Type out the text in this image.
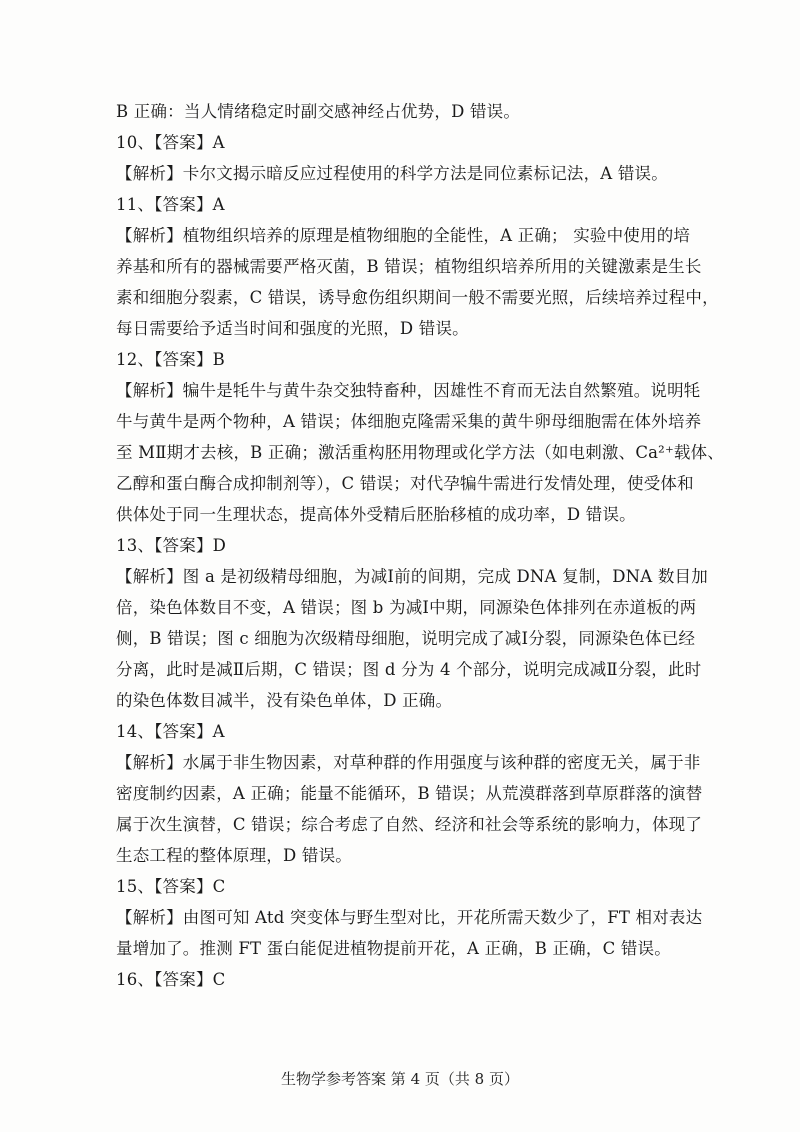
B 正确：当人情绪稳定时副交感神经占优势，D 错误。
10、【答案】A
【解析】卡尔文揭示暗反应过程使用的科学方法是同位素标记法，A 错误。
11、【答案】A
【解析】植物组织培养的原理是植物细胞的全能性，A 正确； 实验中使用的培
养基和所有的器械需要严格灭菌，B 错误；植物组织培养所用的关键激素是生长
素和细胞分裂素，C 错误，诱导愈伤组织期间一般不需要光照，后续培养过程中，
每日需要给予适当时间和强度的光照，D 错误。
12、【答案】B
【解析】犏牛是牦牛与黄牛杂交独特畜种，因雄性不育而无法自然繁殖。说明牦
牛与黄牛是两个物种，A 错误；体细胞克隆需采集的黄牛卵母细胞需在体外培养
至 MⅡ期才去核，B 正确；激活重构胚用物理或化学方法（如电刺激、Ca²⁺载体、
乙醇和蛋白酶合成抑制剂等），C 错误；对代孕犏牛需进行发情处理，使受体和
供体处于同一生理状态，提高体外受精后胚胎移植的成功率，D 错误。
13、【答案】D
【解析】图 a 是初级精母细胞，为减Ⅰ前的间期，完成 DNA 复制，DNA 数目加
倍，染色体数目不变，A 错误；图 b 为减Ⅰ中期，同源染色体排列在赤道板的两
侧，B 错误；图 c 细胞为次级精母细胞，说明完成了减Ⅰ分裂，同源染色体已经
分离，此时是减Ⅱ后期，C 错误；图 d 分为 4 个部分，说明完成减Ⅱ分裂，此时
的染色体数目减半，没有染色单体，D 正确。
14、【答案】A
【解析】水属于非生物因素，对草种群的作用强度与该种群的密度无关，属于非
密度制约因素，A 正确；能量不能循环，B 错误；从荒漠群落到草原群落的演替
属于次生演替，C 错误；综合考虑了自然、经济和社会等系统的影响力，体现了
生态工程的整体原理，D 错误。
15、【答案】C
【解析】由图可知 Atd 突变体与野生型对比，开花所需天数少了，FT 相对表达
量增加了。推测 FT 蛋白能促进植物提前开花，A 正确，B 正确，C 错误。
16、【答案】C
生物学参考答案 第 4 页（共 8 页）
